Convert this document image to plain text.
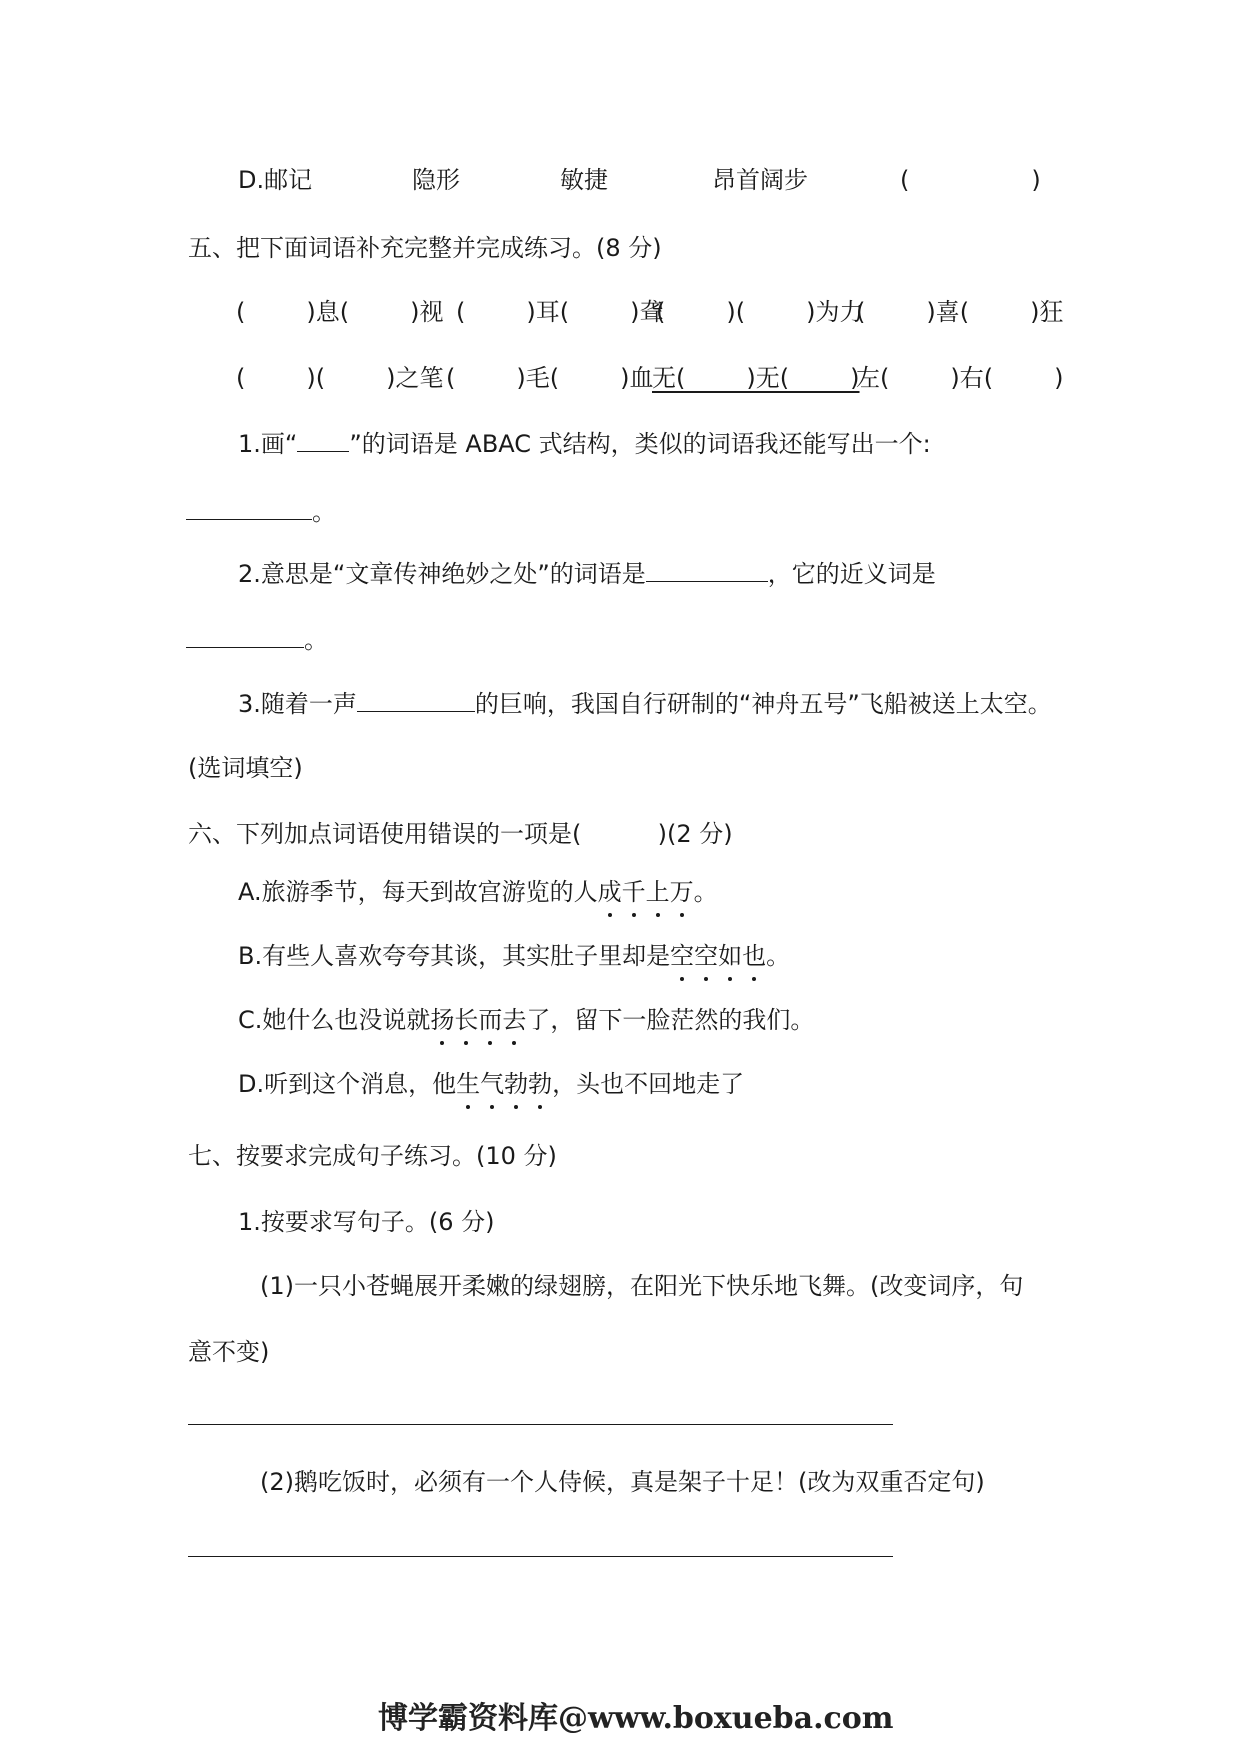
D.邮记	隐形	敏捷	昂首阔步	(                )
五、把下面词语补充完整并完成练习。(8 分)
(        )息(        )视 (        )耳(        )聋
(        )(        )为力
(        )喜(        )狂
(        )(        )之笔 (        )毛(        )血
无(        )无(        )
左(        )右(        )
1.画“ ”的词语是 ABAC 式结构，类似的词语我还能写出一个:
。
2.意思是“文章传神绝妙之处”的词语是	，它的近义词是
。
3.随着一声	的巨响，我国自行研制的“神舟五号”飞船被送上太空。
(选词填空)
六、下列加点词语使用错误的一项是(          )(2 分)
A.旅游季节，每天到故宫游览的人成千上万。
B.有些人喜欢夸夸其谈，其实肚子里却是空空如也。
C.她什么也没说就扬长而去了，留下一脸茫然的我们。
D.听到这个消息，他生气勃勃，头也不回地走了
七、按要求完成句子练习。(10 分)
1.按要求写句子。(6 分)
(1)一只小苍蝇展开柔嫩的绿翅膀，在阳光下快乐地飞舞。(改变词序，句
意不变)
(2)鹅吃饭时，必须有一个人侍候，真是架子十足！(改为双重否定句)
博学霸资料库@www.boxueba.com
